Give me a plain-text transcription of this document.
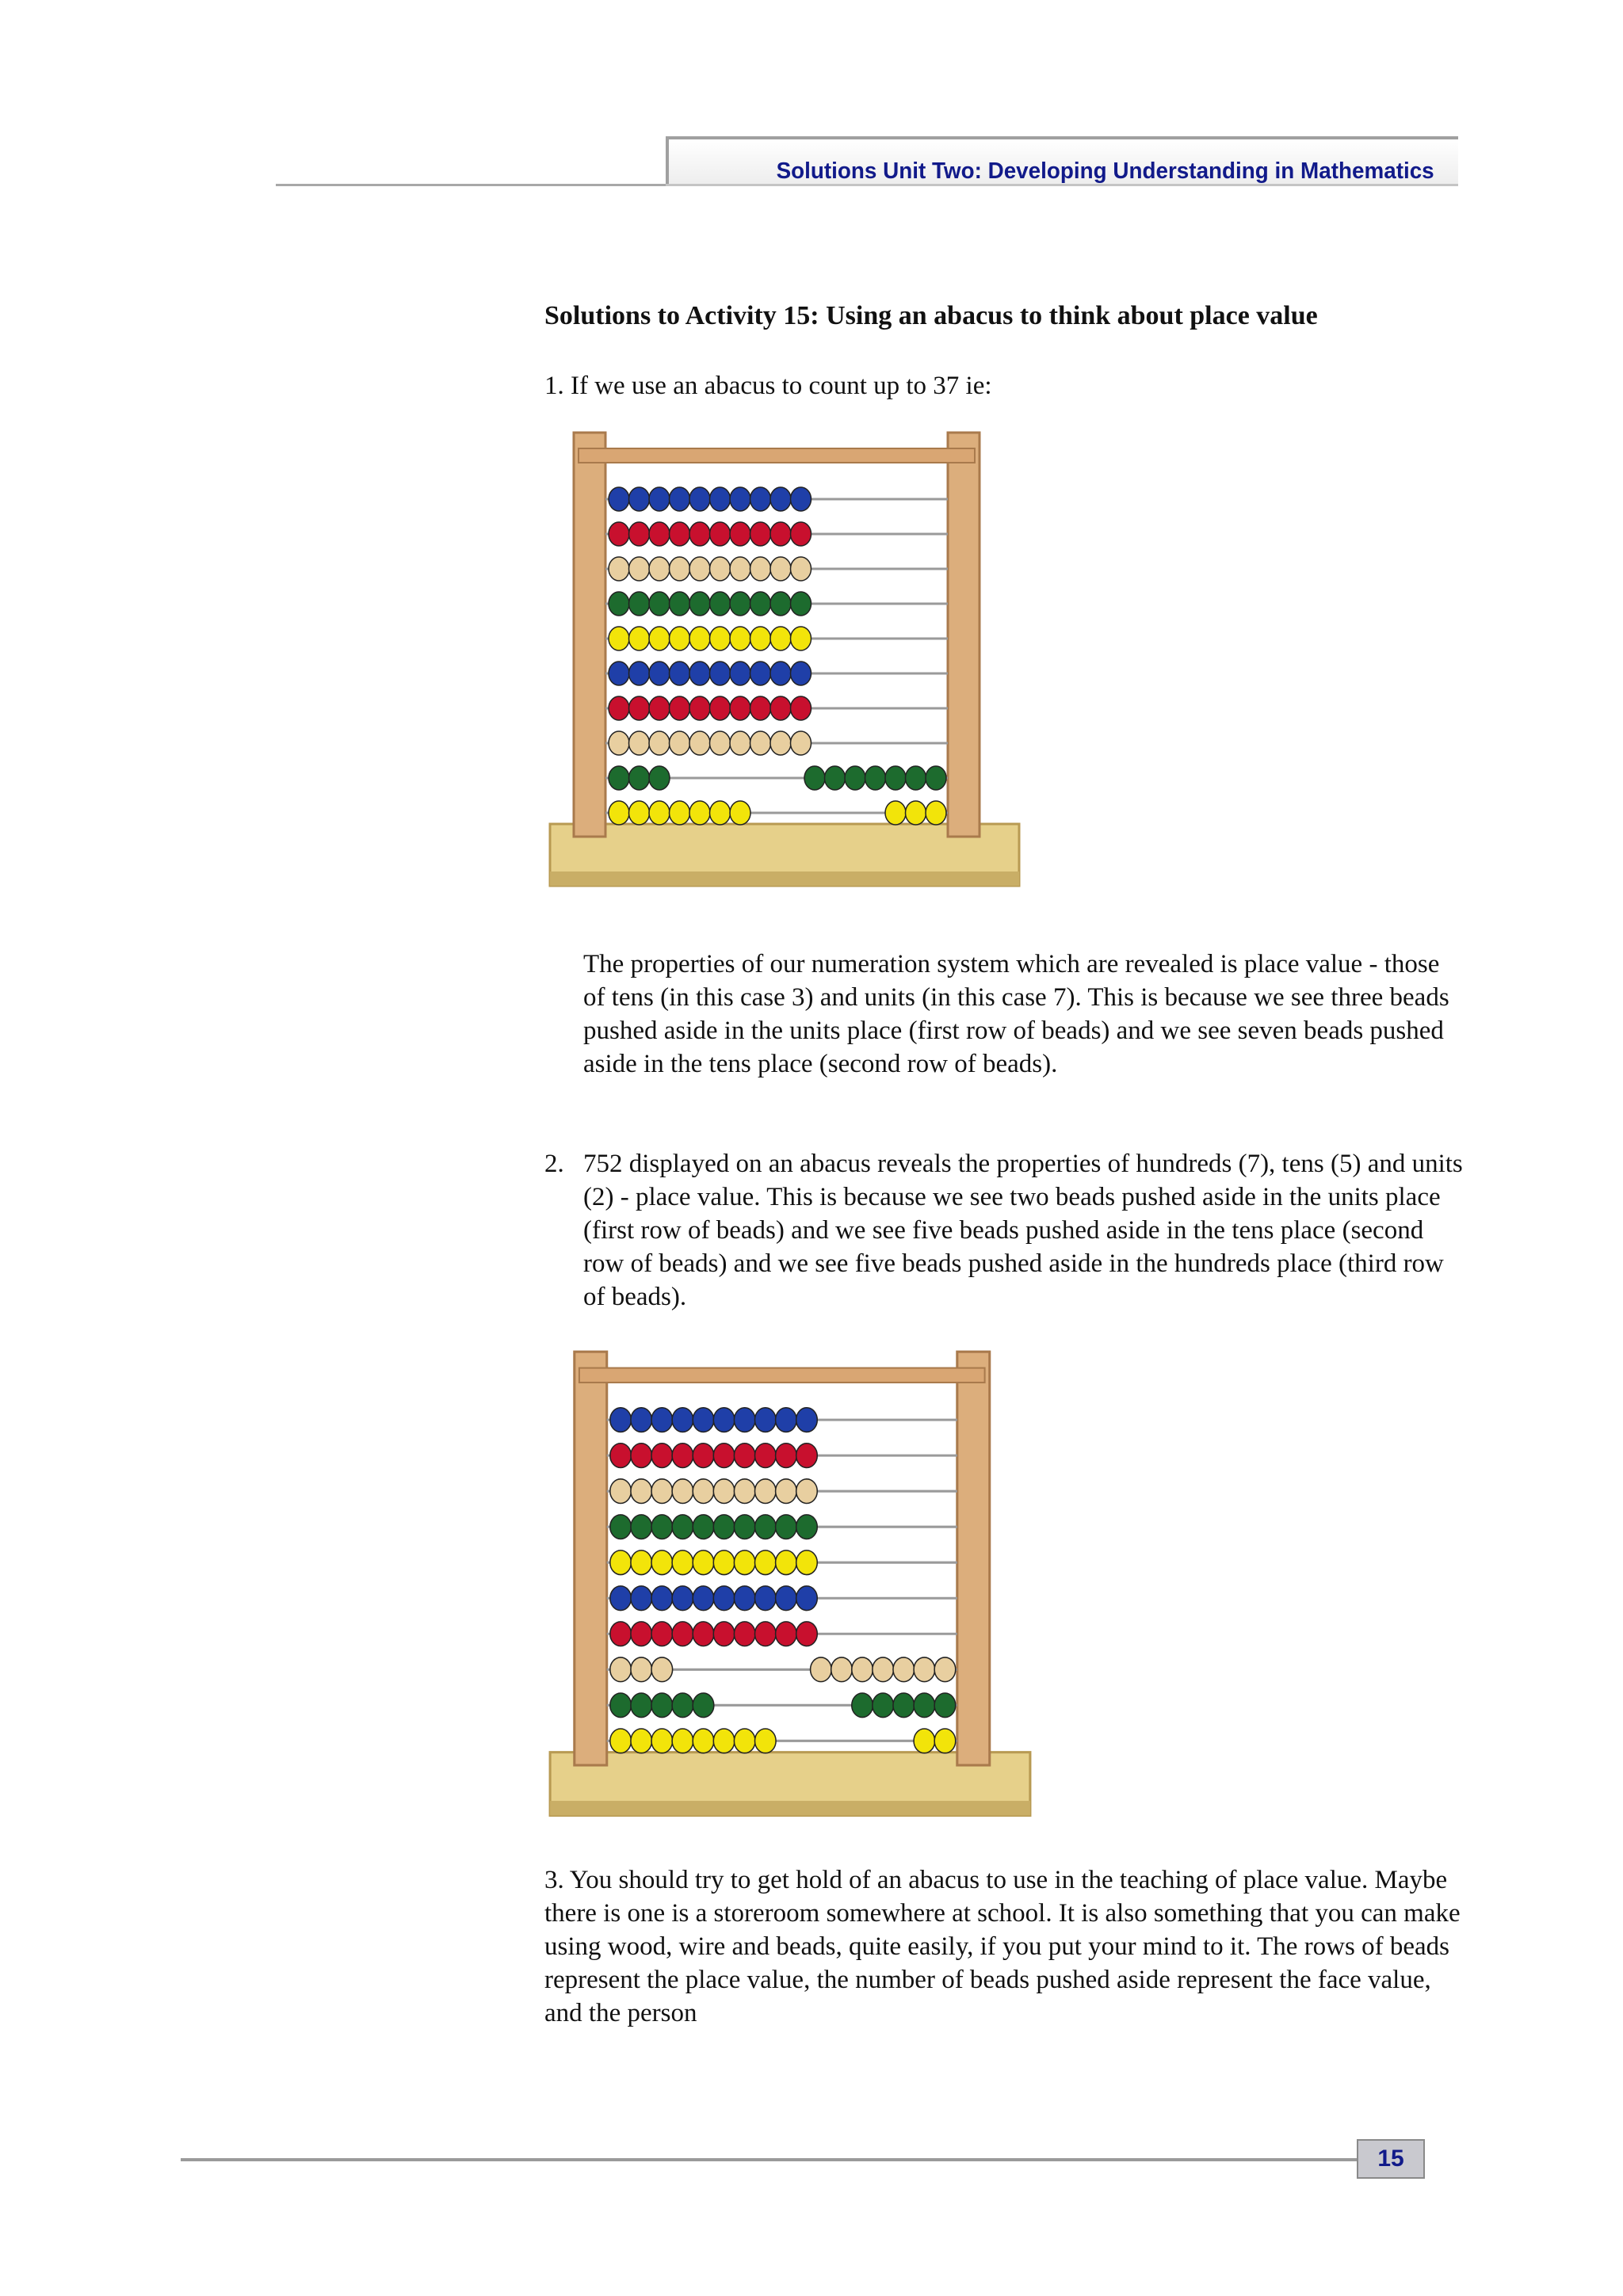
Solutions Unit Two: Developing Understanding in Mathematics
Solutions to Activity 15: Using an abacus to think about place value
1. If we use an abacus to count up to 37 ie:
The properties of our numeration system which are revealed is place value - those of tens (in this case 3) and units (in this case 7). This is because we see three beads pushed aside in the units place (first row of beads) and we see seven beads pushed aside in the tens place (second row of beads).
2. 752 displayed on an abacus reveals the properties of hundreds (7), tens (5) and units (2) - place value. This is because we see two beads pushed aside in the units place (first row of beads) and we see five beads pushed aside in the tens place (second row of beads) and we see five beads pushed aside in the hundreds place (third row of beads).
3. You should try to get hold of an abacus to use in the teaching of place value. Maybe there is one is a storeroom somewhere at school. It is also something that you can make using wood, wire and beads, quite easily, if you put your mind to it. The rows of beads represent the place value, the number of beads pushed aside represent the face value, and the person
15
